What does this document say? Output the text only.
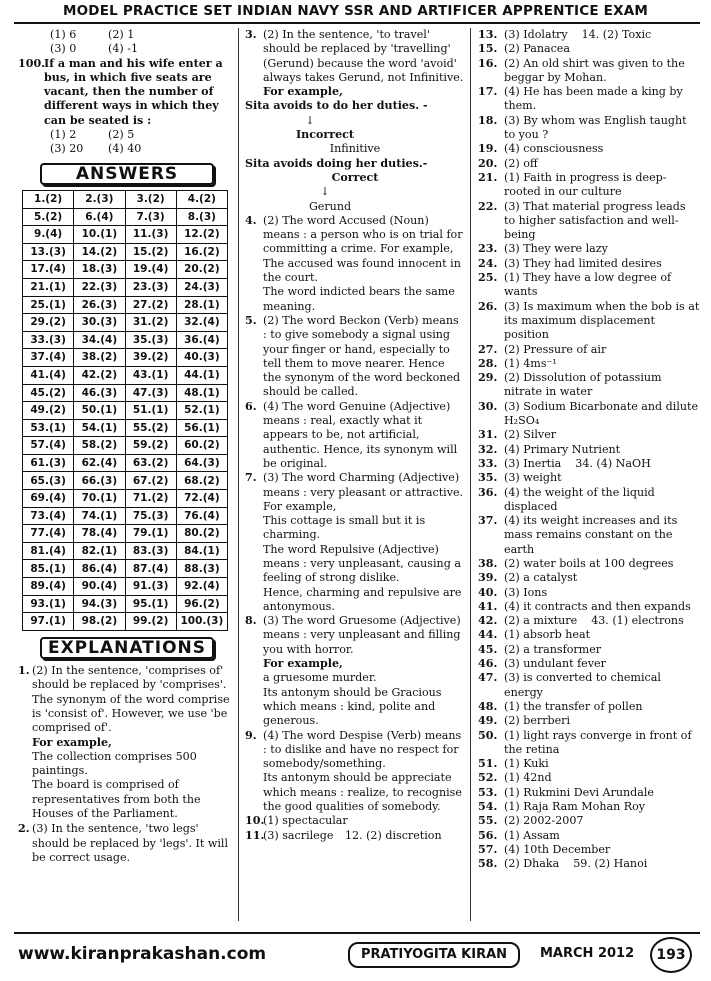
MODEL PRACTICE SET INDIAN NAVY SSR AND ARTIFICER APPRENTICE EXAM
(1) 6	(2) 1
(3) 0	(4) -1
100.
If a man and his wife enter a bus, in which five seats are vacant, then the number of different ways in which they can be seated is :
(1) 2	(2) 5
(3) 20	(4) 40
ANSWERS
1.(2)	2.(3)	3.(2)	4.(2)
5.(2)	6.(4)	7.(3)	8.(3)
9.(4)	10.(1)	11.(3)	12.(2)
13.(3)	14.(2)	15.(2)	16.(2)
17.(4)	18.(3)	19.(4)	20.(2)
21.(1)	22.(3)	23.(3)	24.(3)
25.(1)	26.(3)	27.(2)	28.(1)
29.(2)	30.(3)	31.(2)	32.(4)
33.(3)	34.(4)	35.(3)	36.(4)
37.(4)	38.(2)	39.(2)	40.(3)
41.(4)	42.(2)	43.(1)	44.(1)
45.(2)	46.(3)	47.(3)	48.(1)
49.(2)	50.(1)	51.(1)	52.(1)
53.(1)	54.(1)	55.(2)	56.(1)
57.(4)	58.(2)	59.(2)	60.(2)
61.(3)	62.(4)	63.(2)	64.(3)
65.(3)	66.(3)	67.(2)	68.(2)
69.(4)	70.(1)	71.(2)	72.(4)
73.(4)	74.(1)	75.(3)	76.(4)
77.(4)	78.(4)	79.(1)	80.(2)
81.(4)	82.(1)	83.(3)	84.(1)
85.(1)	86.(4)	87.(4)	88.(3)
89.(4)	90.(4)	91.(3)	92.(4)
93.(1)	94.(3)	95.(1)	96.(2)
97.(1)	98.(2)	99.(2)	100.(3)
EXPLANATIONS
1. (2) In the sentence, 'comprises of' should be replaced by 'comprises'. The synonym of the word comprise is 'consist of'. However, we use 'be comprised of'.
For example,
The collection comprises 500 paintings.
The board is comprised of representatives from both the Houses of the Parliament.
2. (3) In the sentence, 'two legs' should be replaced by 'legs'. It will be correct usage.
3. (2) In the sentence, 'to travel' should be replaced by 'travelling' (Gerund) because the word 'avoid' always takes Gerund, not Infinitive.
For example,
Sita avoids to do her duties. -
↓
Incorrect
Infinitive
Sita avoids doing her duties.-
Correct
↓
Gerund
4. (2) The word Accused (Noun) means : a person who is on trial for committing a crime. For example,
The accused was found innocent in the court.
The word indicted bears the same meaning.
5. (2) The word Beckon (Verb) means : to give somebody a signal using your finger or hand, especially to tell them to move nearer. Hence the synonym of the word beckoned should be called.
6. (4) The word Genuine (Adjective) means : real, exactly what it appears to be, not artificial, authentic. Hence, its synonym will be original.
7. (3) The word Charming (Adjective) means : very pleasant or attractive. For example,
This cottage is small but it is charming.
The word Repulsive (Adjective) means : very unpleasant, causing a feeling of strong dislike.
Hence, charming and repulsive are antonymous.
8. (3) The word Gruesome (Adjective) means : very unpleasant and filling you with horror.
For example,
a gruesome murder.
Its antonym should be Gracious which means : kind, polite and generous.
9. (4) The word Despise (Verb) means : to dislike and have no respect for somebody/something.
Its antonym should be appreciate which means : realize, to recognise the good qualities of somebody.
10.
(1) spectacular
11.
(3) sacrilege 12. (2) discretion
13. (3) Idolatry 14. (2) Toxic
15. (2) Panacea
16. (2) An old shirt was given to the beggar by Mohan.
17. (4) He has been made a king by them.
18. (3) By whom was English taught to you ?
19. (4) consciousness
20. (2) off
21. (1) Faith in progress is deep-rooted in our culture
22. (3) That material progress leads to higher satisfaction and well-being
23. (3) They were lazy
24. (3) They had limited desires
25. (1) They have a low degree of wants
26. (3) Is maximum when the bob is at its maximum displacement position
27. (2) Pressure of air
28. (1) 4ms⁻¹
29. (2) Dissolution of potassium nitrate in water
30. (3) Sodium Bicarbonate and dilute H₂SO₄
31. (2) Silver
32. (4) Primary Nutrient
33. (3) Inertia 34. (4) NaOH
35. (3) weight
36. (4) the weight of the liquid displaced
37. (4) its weight increases and its mass remains constant on the earth
38. (2) water boils at 100 degrees
39. (2) a catalyst
40. (3) Ions
41. (4) it contracts and then expands
42. (2) a mixture 43. (1) electrons
44. (1) absorb heat
45. (2) a transformer
46. (3) undulant fever
47. (3) is converted to chemical energy
48. (1) the transfer of pollen
49. (2) berrberi
50. (1) light rays converge in front of the retina
51. (1) Kuki
52. (1) 42nd
53. (1) Rukmini Devi Arundale
54. (1) Raja Ram Mohan Roy
55. (2) 2002-2007
56. (1) Assam
57. (4) 10th December
58. (2) Dhaka 59. (2) Hanoi
www.kiranprakashan.com	PRATIYOGITA KIRAN	MARCH 2012	193
